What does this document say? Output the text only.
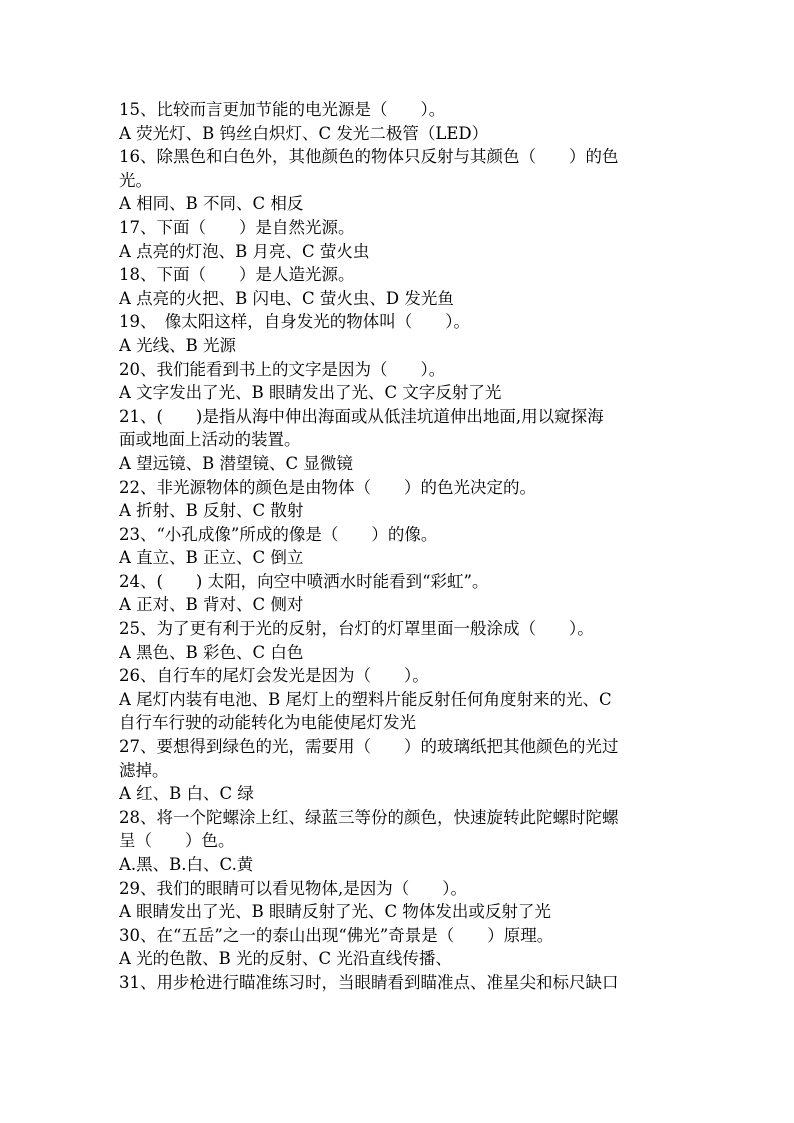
15、比较而言更加节能的电光源是（　　）。
A 荧光灯、B 钨丝白炽灯、C 发光二极管（LED）
16、除黑色和白色外，其他颜色的物体只反射与其颜色（　　）的色
光。
A 相同、B 不同、C 相反
17、下面（　　）是自然光源。
A 点亮的灯泡、B 月亮、C 萤火虫
18、下面（　　）是人造光源。
A 点亮的火把、B 闪电、C 萤火虫、D 发光鱼
19、　像太阳这样，自身发光的物体叫（　　）。
A 光线、B 光源
20、我们能看到书上的文字是因为（　　）。
A 文字发出了光、B 眼睛发出了光、C 文字反射了光
21、(　　)是指从海中伸出海面或从低洼坑道伸出地面,用以窥探海
面或地面上活动的装置。
A 望远镜、B 潜望镜、C 显微镜
22、非光源物体的颜色是由物体（　　）的色光决定的。
A 折射、B 反射、C 散射
23、“小孔成像”所成的像是（　　）的像。
A 直立、B 正立、C 倒立
24、(　　) 太阳，向空中喷洒水时能看到“彩虹”。
A 正对、B 背对、C 侧对
25、为了更有利于光的反射，台灯的灯罩里面一般涂成（　　）。
A 黑色、B 彩色、C 白色
26、自行车的尾灯会发光是因为（　　）。
A 尾灯内装有电池、B 尾灯上的塑料片能反射任何角度射来的光、C
自行车行驶的动能转化为电能使尾灯发光
27、要想得到绿色的光，需要用（　　）的玻璃纸把其他颜色的光过
滤掉。
A 红、B 白、C 绿
28、将一个陀螺涂上红、绿蓝三等份的颜色，快速旋转此陀螺时陀螺
呈（　　）色。
A.黑、B.白、C.黄
29、我们的眼睛可以看见物体,是因为（　　）。
A 眼睛发出了光、B 眼睛反射了光、C 物体发出或反射了光
30、在“五岳”之一的泰山出现“佛光”奇景是（　　）原理。
A 光的色散、B 光的反射、C 光沿直线传播、
31、用步枪进行瞄准练习时，当眼睛看到瞄准点、准星尖和标尺缺口
